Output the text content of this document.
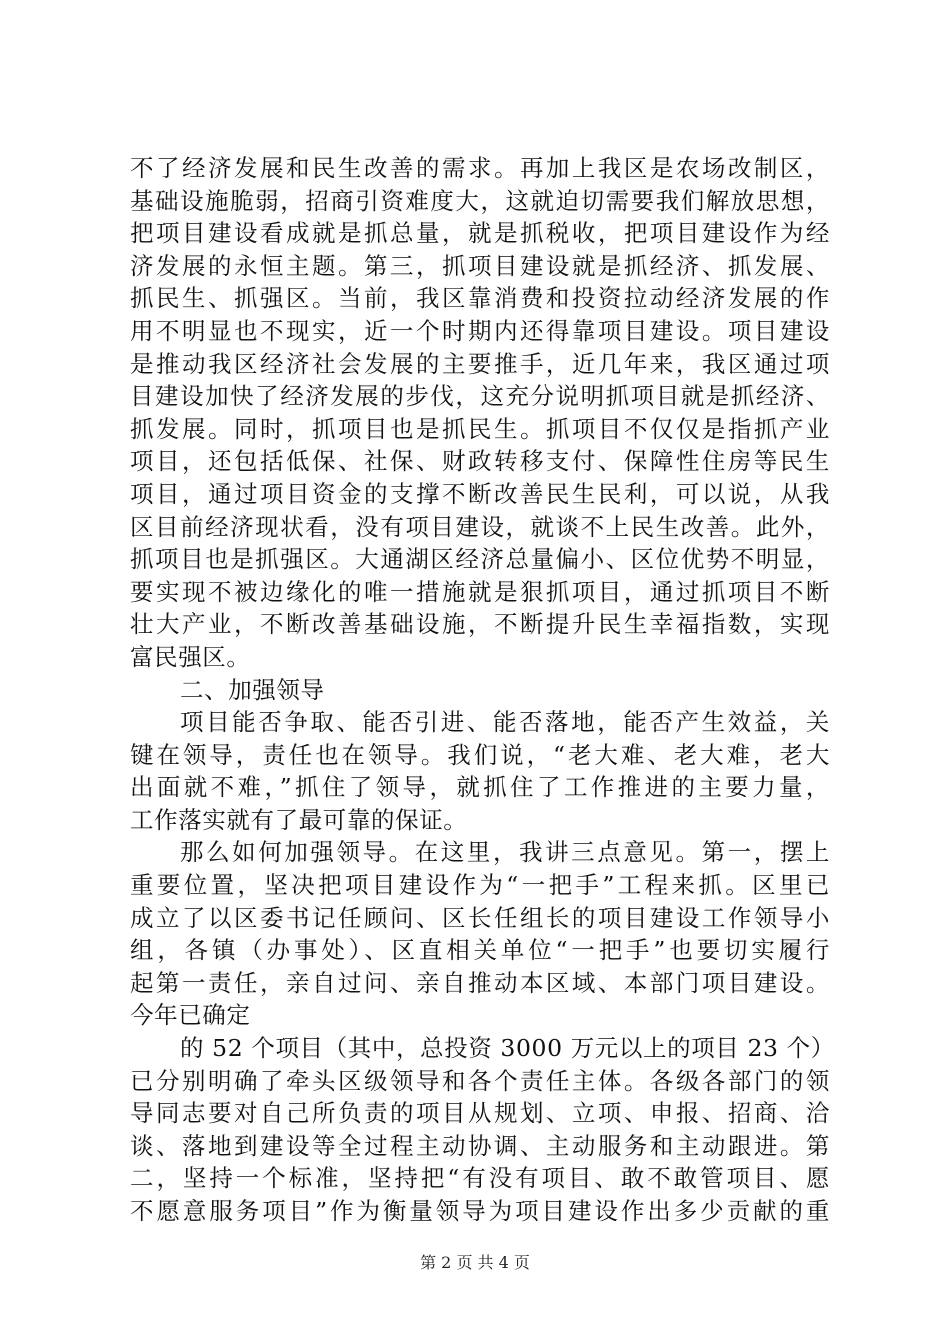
不了经济发展和民生改善的需求。再加上我区是农场改制区，
基础设施脆弱，招商引资难度大，这就迫切需要我们解放思想，
把项目建设看成就是抓总量，就是抓税收，把项目建设作为经
济发展的永恒主题。第三，抓项目建设就是抓经济、抓发展、
抓民生、抓强区。当前，我区靠消费和投资拉动经济发展的作
用不明显也不现实，近一个时期内还得靠项目建设。项目建设
是推动我区经济社会发展的主要推手，近几年来，我区通过项
目建设加快了经济发展的步伐，这充分说明抓项目就是抓经济、
抓发展。同时，抓项目也是抓民生。抓项目不仅仅是指抓产业
项目，还包括低保、社保、财政转移支付、保障性住房等民生
项目，通过项目资金的支撑不断改善民生民利，可以说，从我
区目前经济现状看，没有项目建设，就谈不上民生改善。此外，
抓项目也是抓强区。大通湖区经济总量偏小、区位优势不明显，
要实现不被边缘化的唯一措施就是狠抓项目，通过抓项目不断
壮大产业，不断改善基础设施，不断提升民生幸福指数，实现
富民强区。
二、加强领导
项目能否争取、能否引进、能否落地，能否产生效益，关
键在领导，责任也在领导。我们说，“老大难、老大难，老大
出面就不难，”抓住了领导，就抓住了工作推进的主要力量，
工作落实就有了最可靠的保证。
那么如何加强领导。在这里，我讲三点意见。第一，摆上
重要位置，坚决把项目建设作为“一把手”工程来抓。区里已
成立了以区委书记任顾问、区长任组长的项目建设工作领导小
组，各镇（办事处）、区直相关单位“一把手”也要切实履行
起第一责任，亲自过问、亲自推动本区域、本部门项目建设。
今年已确定
的 52 个项目（其中，总投资 3000 万元以上的项目 23 个）
已分别明确了牵头区级领导和各个责任主体。各级各部门的领
导同志要对自己所负责的项目从规划、立项、申报、招商、洽
谈、落地到建设等全过程主动协调、主动服务和主动跟进。第
二，坚持一个标准，坚持把“有没有项目、敢不敢管项目、愿
不愿意服务项目”作为衡量领导为项目建设作出多少贡献的重
第 2 页 共 4 页
